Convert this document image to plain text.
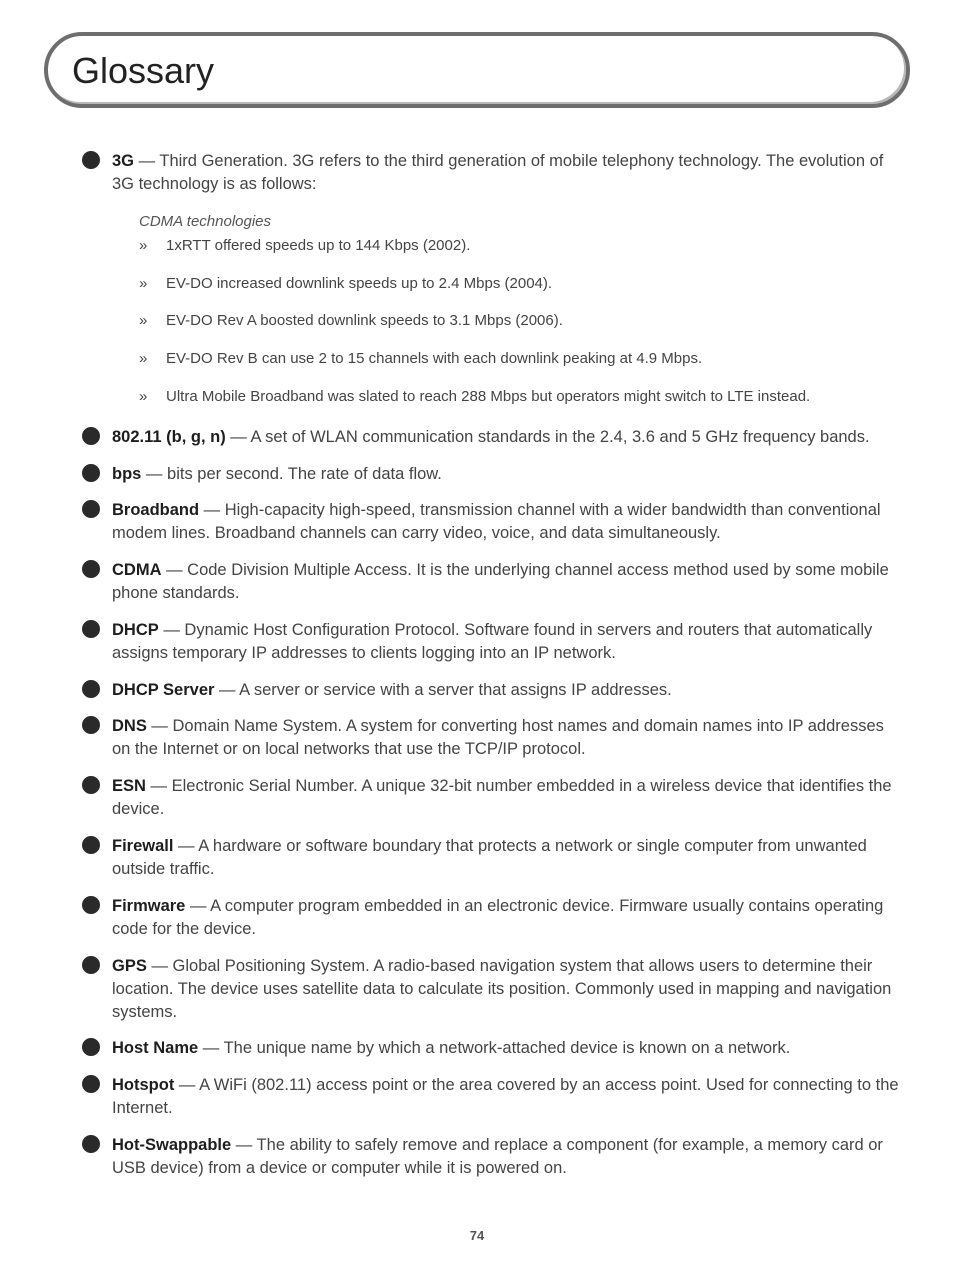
Glossary
3G — Third Generation. 3G refers to the third generation of mobile telephony technology. The evolution of 3G technology is as follows:
CDMA technologies
» 1xRTT offered speeds up to 144 Kbps (2002).
» EV-DO increased downlink speeds up to 2.4 Mbps (2004).
» EV-DO Rev A boosted downlink speeds to 3.1 Mbps (2006).
» EV-DO Rev B can use 2 to 15 channels with each downlink peaking at 4.9 Mbps.
» Ultra Mobile Broadband was slated to reach 288 Mbps but operators might switch to LTE instead.
802.11 (b, g, n) — A set of WLAN communication standards in the 2.4, 3.6 and 5 GHz frequency bands.
bps — bits per second. The rate of data flow.
Broadband — High-capacity high-speed, transmission channel with a wider bandwidth than conventional modem lines. Broadband channels can carry video, voice, and data simultaneously.
CDMA — Code Division Multiple Access. It is the underlying channel access method used by some mobile phone standards.
DHCP — Dynamic Host Configuration Protocol. Software found in servers and routers that automatically assigns temporary IP addresses to clients logging into an IP network.
DHCP Server — A server or service with a server that assigns IP addresses.
DNS — Domain Name System. A system for converting host names and domain names into IP addresses on the Internet or on local networks that use the TCP/IP protocol.
ESN — Electronic Serial Number. A unique 32-bit number embedded in a wireless device that identifies the device.
Firewall — A hardware or software boundary that protects a network or single computer from unwanted outside traffic.
Firmware — A computer program embedded in an electronic device. Firmware usually contains operating code for the device.
GPS — Global Positioning System. A radio-based navigation system that allows users to determine their location. The device uses satellite data to calculate its position. Commonly used in mapping and navigation systems.
Host Name — The unique name by which a network-attached device is known on a network.
Hotspot — A WiFi (802.11) access point or the area covered by an access point. Used for connecting to the Internet.
Hot-Swappable — The ability to safely remove and replace a component (for example, a memory card or USB device) from a device or computer while it is powered on.
74
